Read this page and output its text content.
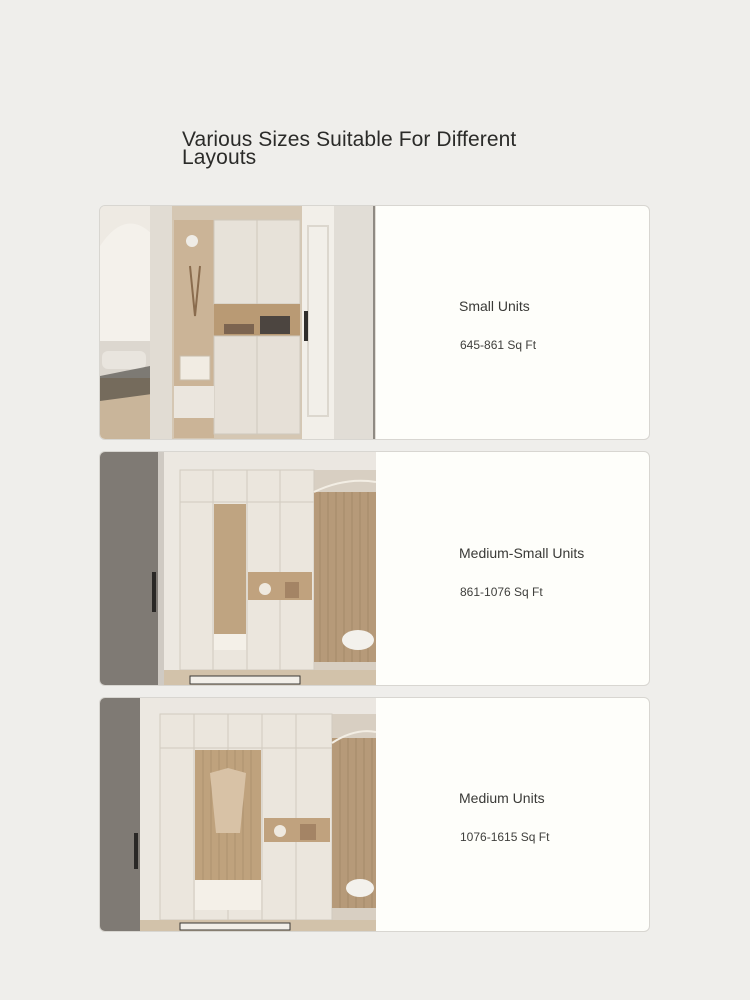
Various Sizes Suitable For Different Layouts
Small Units
645-861 Sq Ft
Medium-Small Units
861-1076 Sq Ft
Medium Units
1076-1615 Sq Ft
